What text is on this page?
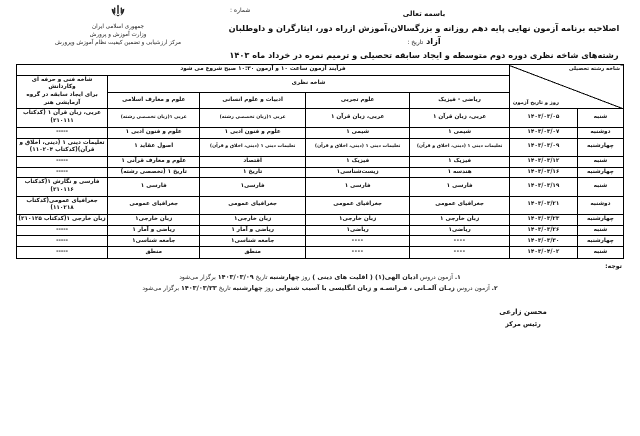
جمهوری اسلامی ایران
وزارت آموزش و پرورش
مرکز ارزشیابی و تضمین کیفیت نظام آموزش وپرورش
شماره :	باسمه تعالی
اصلاحیه برنامه آزمون نهایی پایه دهم روزانه و بزرگسالان،آموزش ازراه دور، ایثارگران و داوطلبان آزاد تاریخ :
رشته‌های شاخه نظری دوره دوم متوسطه و ایجاد سابقه تحصیلی و ترمیم نمره در خرداد ماه ۱۴۰۳
شاخه رشته تحصیلی
روز و تاریخ آزمون		فرآیند آزمون ساعت ۱۰ و آزمون ۱۰:۳۰ صبح شروع می شود				
		شاخه نظری				شاخه فنی و حرفه ای وکاردانش
برای ایجاد سابقه در گروه آزمایشی هنر

		ریاضی - فیزیک	علوم تجربی	ادبیات و علوم انسانی	علوم و معارف اسلامی	
شنبه	۱۴۰۳/۰۳/۰۵	عربی، زبان قرآن ۱	عربی، زبان قرآن ۱	عربی ۱(زبان تخصصی رشته)	عربی ۱(زبان تخصصی رشته)	عربی، زبان قرآن ۱ (کدکتاب ۲۱۰۱۱۱)
دوشنبه	۱۴۰۳/۰۳/۰۷	شیمی ۱	شیمی ۱	علوم و فنون ادبی ۱	علوم و فنون ادبی ۱	-----
چهارشنبه	۱۴۰۳/۰۳/۰۹	تعلیمات دینی ۱ (دینی، اخلاق و قرآن)	تعلیمات دینی ۱ (دینی، اخلاق و قرآن)	تعلیمات دینی ۱ (دینی، اخلاق و قرآن)	اصول عقاید ۱	تعلیمات دینی ۱ (دینی، اخلاق و قرآن)(کدکتاب ۱۱۰۲۰۴)
شنبه	۱۴۰۳/۰۳/۱۲	فیزیک ۱	فیزیک ۱	اقتصاد	علوم و معارف قرآنی ۱	-----
چهارشنبه	۱۴۰۳/۰۳/۱۶	هندسه ۱	زیست‌شناسی۱	تاریخ ۱	تاریخ ۱ (تخصصی رشته)	-----
شنبه	۱۴۰۳/۰۳/۱۹	فارسی ۱	فارسی ۱	فارسی۱	فارسی ۱	فارسی و نگارش ۱(کدکتاب ۲۱۰۱۱۶)
دوشنبه	۱۴۰۳/۰۳/۲۱	جغرافیای عمومی	جغرافیای عمومی	جغرافیای عمومی	جغرافیای عمومی	جغرافیای عمومی(کدکتاب ۱۱۰۲۱۸)
چهارشنبه	۱۴۰۳/۰۳/۲۳	زبان خارجی ۱	زبان خارجی۱	زبان خارجی۱	زبان خارجی۱	زبان خارجی ۱(کدکتاب ۲۱۰۱۲۵)
شنبه	۱۴۰۳/۰۳/۲۶	ریاضی۱	ریاضی۱	ریاضی و آمار ۱	ریاضی و آمار ۱	-----
چهارشنبه	۱۴۰۳/۰۳/۳۰	----	----	جامعه شناسی۱	جامعه شناسی۱	-----
شنبه	۱۴۰۳/۰۴/۰۲	----	----	منطق	منطق	-----
توجه:
۱. آزمون دروس ادیان الهی(۱) ( اقلیت های دینی ) روز چهارشنبه تاریخ ۱۴۰۳/۰۳/۰۹ برگزار می‌شود
۲. آزمون دروس زبـان آلمـانی ، فـرانسـه و زبان انگلیسی با آسیب شنوایی روز چهارشنبه تاریخ ۱۴۰۳/۰۳/۲۳ برگزار می‌شود
محسن زارعی
رئیس مرکز
